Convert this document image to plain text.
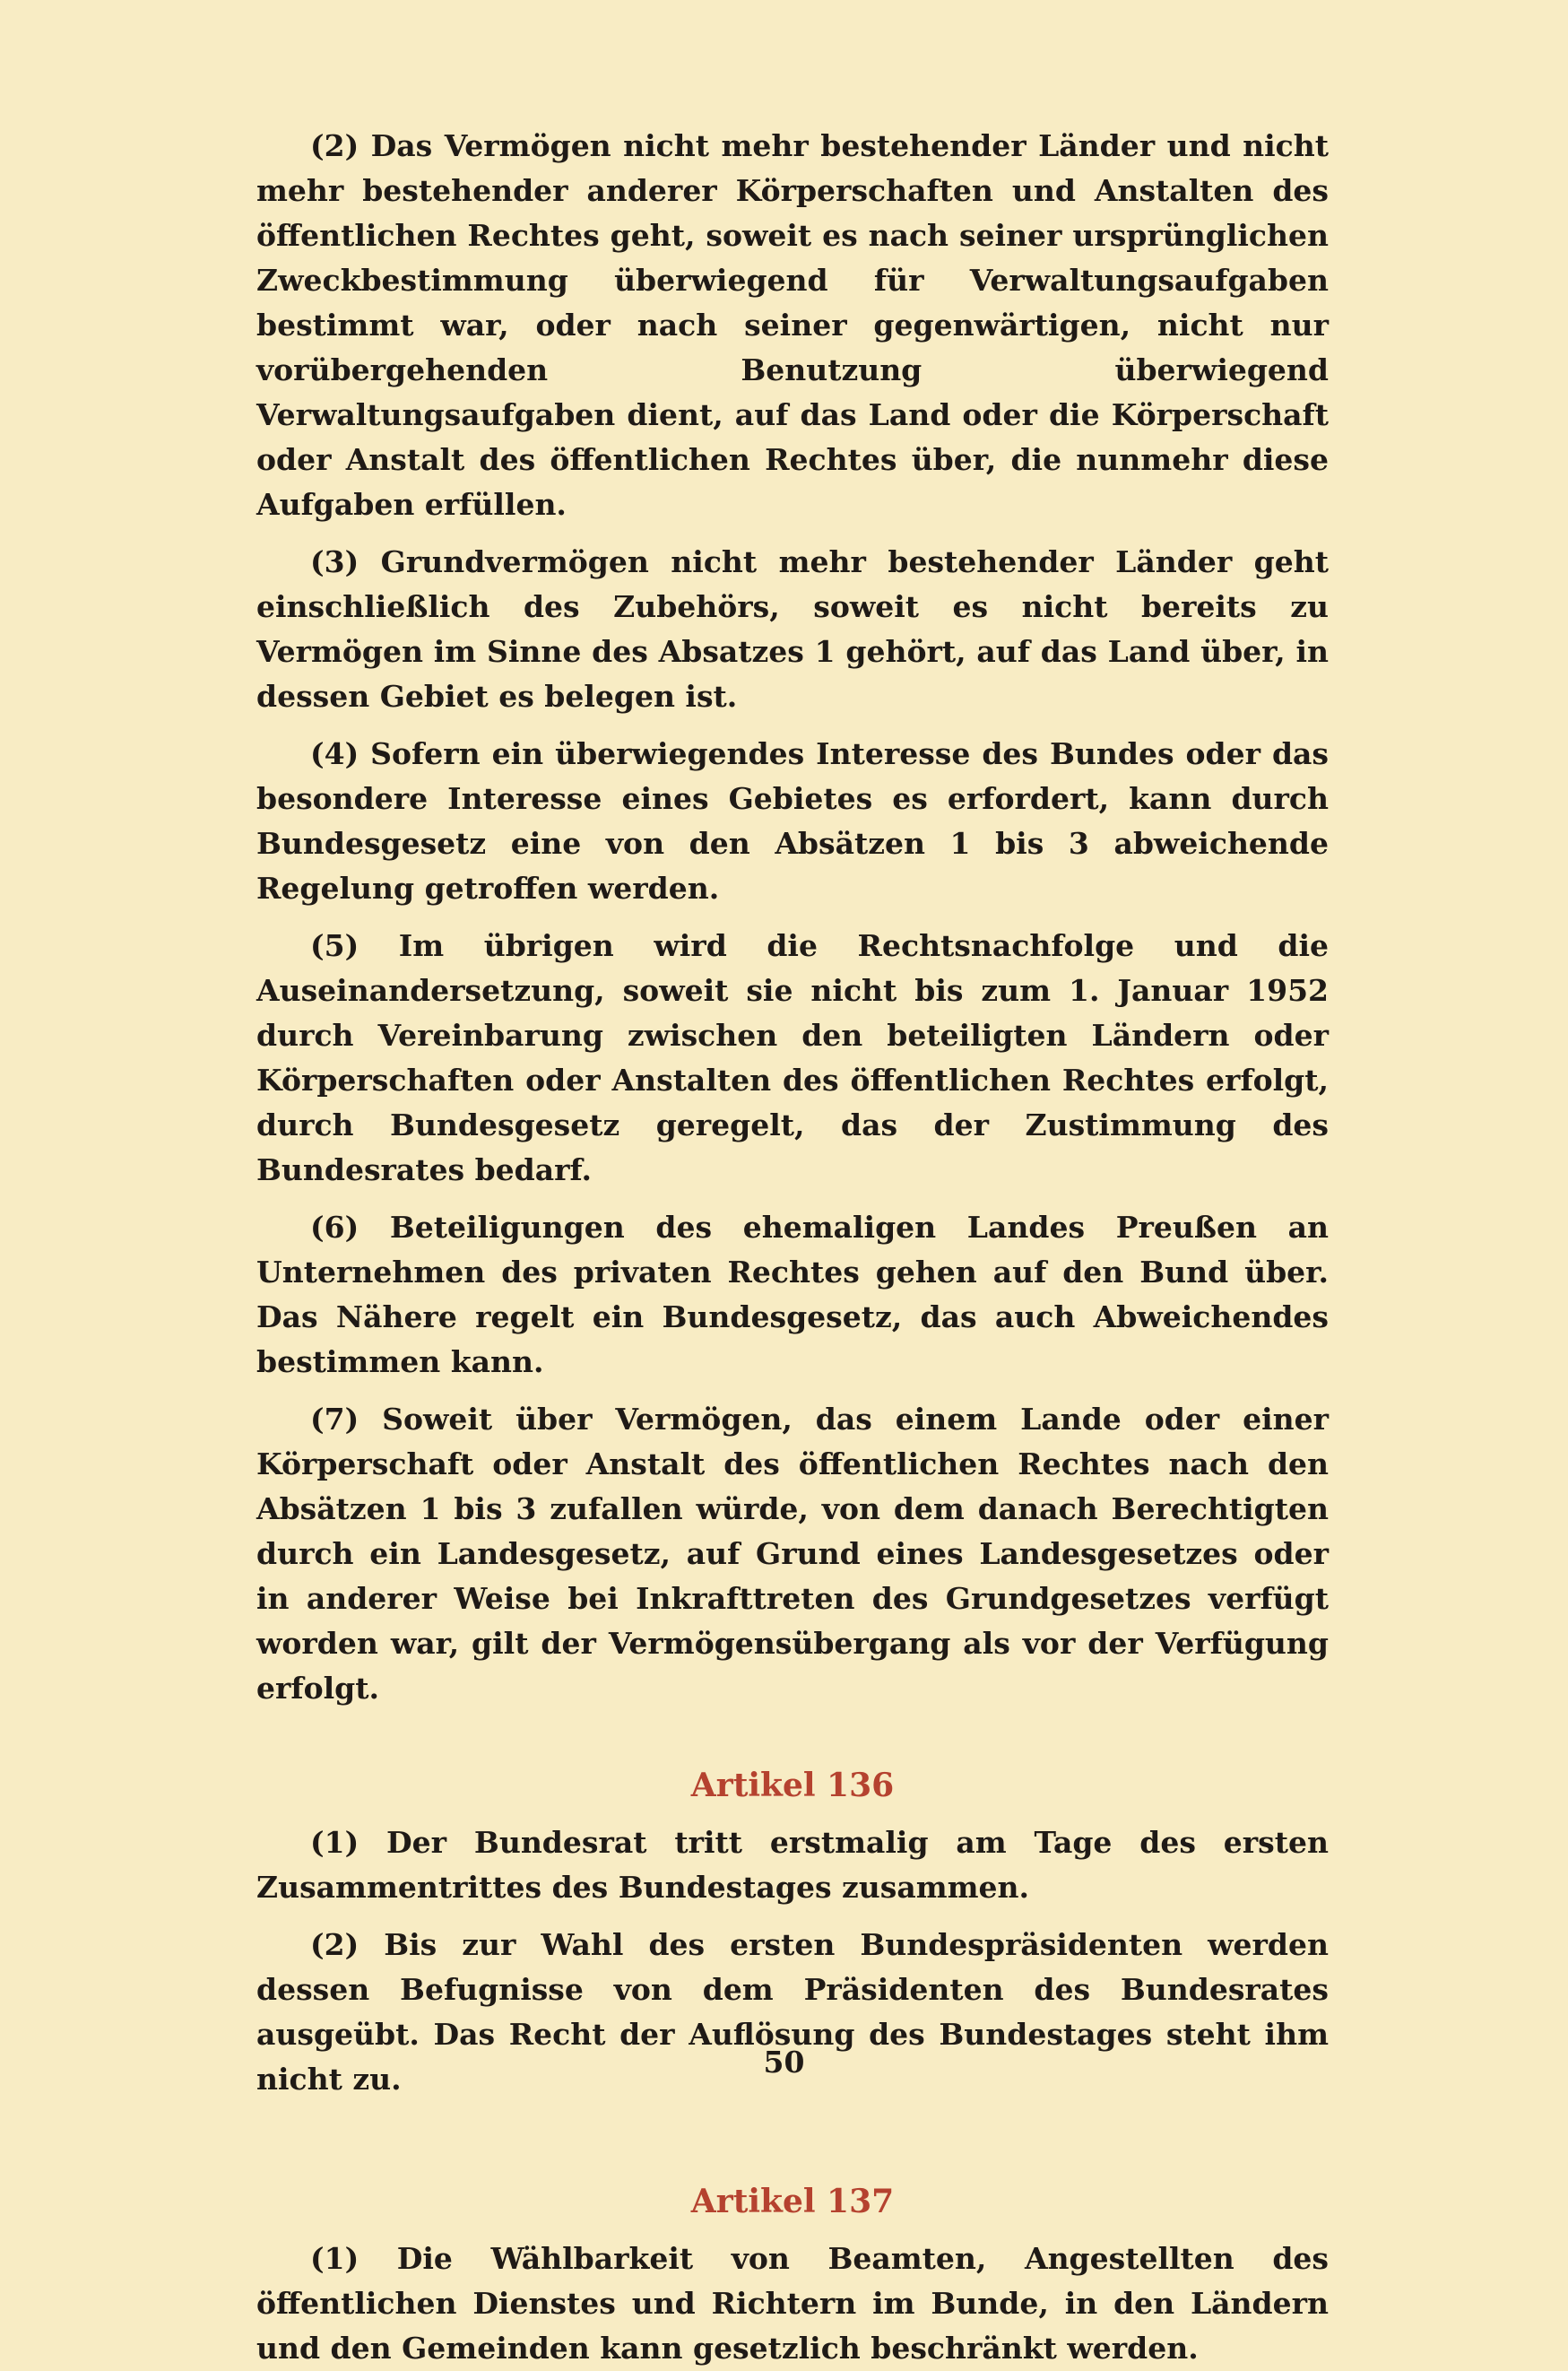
(2) Das Vermögen nicht mehr bestehender Länder und nicht mehr bestehender anderer Körperschaften und Anstalten des öffentlichen Rechtes geht, soweit es nach seiner ursprünglichen Zweckbestimmung überwiegend für Verwaltungsaufgaben bestimmt war, oder nach seiner gegenwärtigen, nicht nur vorübergehenden Benutzung überwiegend Verwaltungsaufgaben dient, auf das Land oder die Körperschaft oder Anstalt des öffentlichen Rechtes über, die nunmehr diese Aufgaben erfüllen.

(3) Grundvermögen nicht mehr bestehender Länder geht einschließlich des Zubehörs, soweit es nicht bereits zu Vermögen im Sinne des Absatzes 1 gehört, auf das Land über, in dessen Gebiet es belegen ist.

(4) Sofern ein überwiegendes Interesse des Bundes oder das besondere Interesse eines Gebietes es erfordert, kann durch Bundesgesetz eine von den Absätzen 1 bis 3 abweichende Regelung getroffen werden.

(5) Im übrigen wird die Rechtsnachfolge und die Auseinandersetzung, soweit sie nicht bis zum 1. Januar 1952 durch Vereinbarung zwischen den beteiligten Ländern oder Körperschaften oder Anstalten des öffentlichen Rechtes erfolgt, durch Bundesgesetz geregelt, das der Zustimmung des Bundesrates bedarf.

(6) Beteiligungen des ehemaligen Landes Preußen an Unternehmen des privaten Rechtes gehen auf den Bund über. Das Nähere regelt ein Bundesgesetz, das auch Abweichendes bestimmen kann.

(7) Soweit über Vermögen, das einem Lande oder einer Körperschaft oder Anstalt des öffentlichen Rechtes nach den Absätzen 1 bis 3 zufallen würde, von dem danach Berechtigten durch ein Landesgesetz, auf Grund eines Landesgesetzes oder in anderer Weise bei Inkrafttreten des Grundgesetzes verfügt worden war, gilt der Vermögensübergang als vor der Verfügung erfolgt.

Artikel 136

(1) Der Bundesrat tritt erstmalig am Tage des ersten Zusammentrittes des Bundestages zusammen.

(2) Bis zur Wahl des ersten Bundespräsidenten werden dessen Befugnisse von dem Präsidenten des Bundesrates ausgeübt. Das Recht der Auflösung des Bundestages steht ihm nicht zu.

Artikel 137

(1) Die Wählbarkeit von Beamten, Angestellten des öffentlichen Dienstes und Richtern im Bunde, in den Ländern und den Gemeinden kann gesetzlich beschränkt werden.

50
